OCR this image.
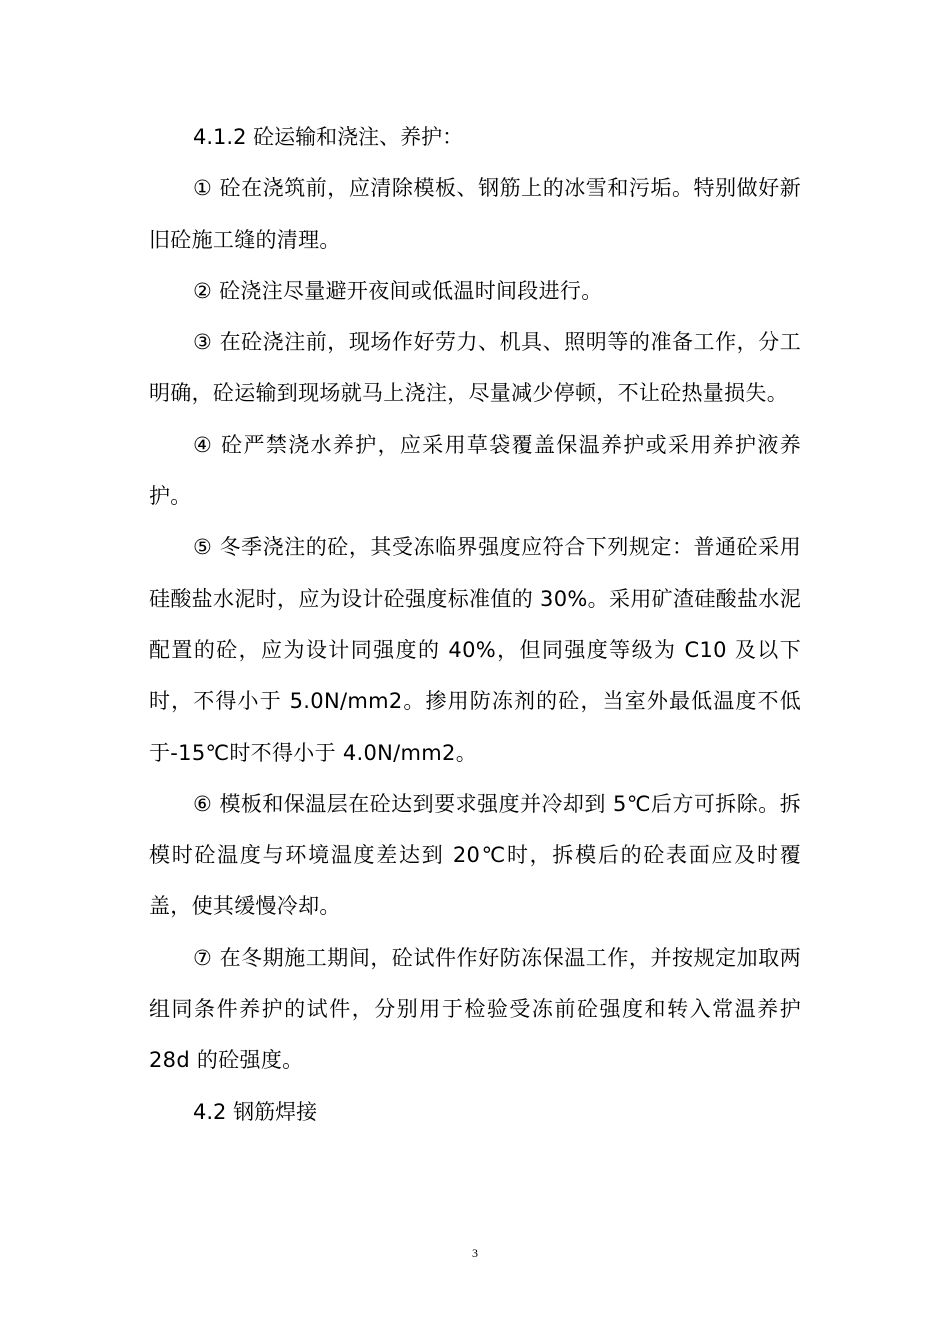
4.1.2 砼运输和浇注、养护：

① 砼在浇筑前，应清除模板、钢筋上的冰雪和污垢。特别做好新旧砼施工缝的清理。

② 砼浇注尽量避开夜间或低温时间段进行。

③ 在砼浇注前，现场作好劳力、机具、照明等的准备工作，分工明确，砼运输到现场就马上浇注，尽量减少停顿，不让砼热量损失。

④ 砼严禁浇水养护，应采用草袋覆盖保温养护或采用养护液养护。

⑤ 冬季浇注的砼，其受冻临界强度应符合下列规定：普通砼采用硅酸盐水泥时，应为设计砼强度标准值的 30%。采用矿渣硅酸盐水泥配置的砼，应为设计同强度的 40%，但同强度等级为 C10 及以下时，不得小于 5.0N/mm2。掺用防冻剂的砼，当室外最低温度不低于-15℃时不得小于 4.0N/mm2。

⑥ 模板和保温层在砼达到要求强度并冷却到 5℃后方可拆除。拆模时砼温度与环境温度差达到 20℃时，拆模后的砼表面应及时覆盖，使其缓慢冷却。

⑦ 在冬期施工期间，砼试件作好防冻保温工作，并按规定加取两组同条件养护的试件，分别用于检验受冻前砼强度和转入常温养护 28d 的砼强度。

4.2 钢筋焊接

3
